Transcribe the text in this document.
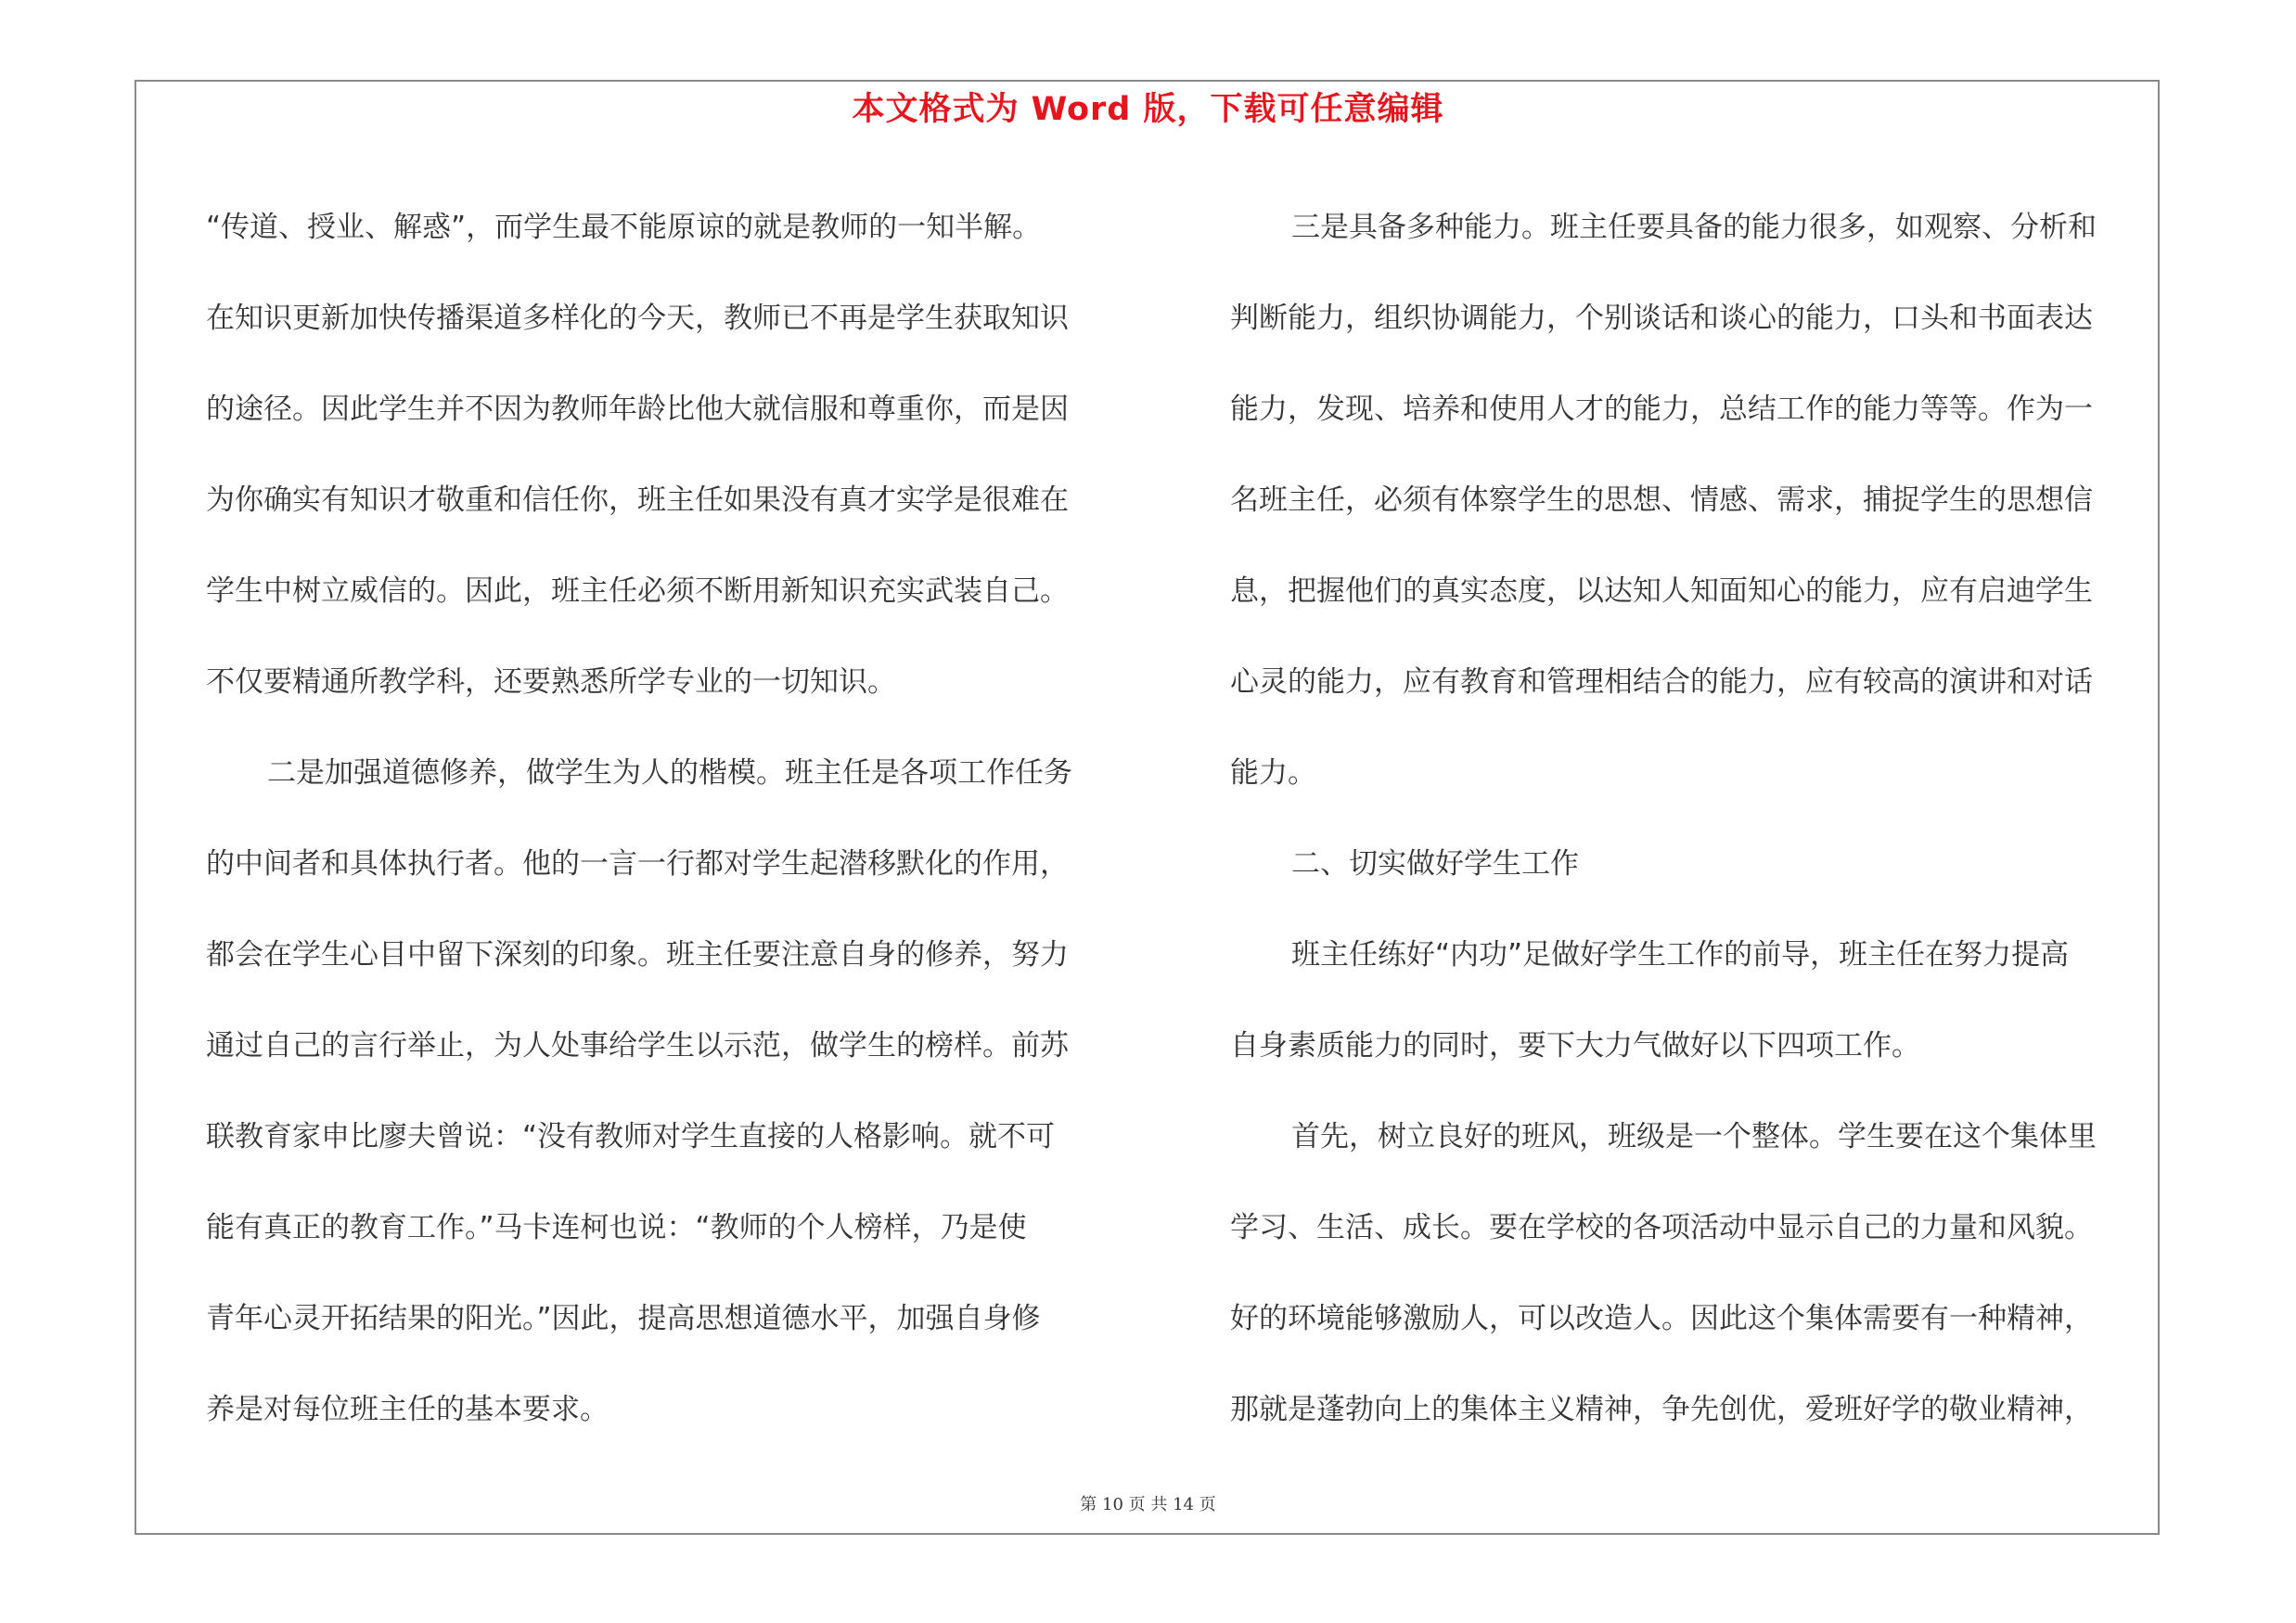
本文格式为 Word 版，下载可任意编辑
“传道、授业、解惑”，而学生最不能原谅的就是教师的一知半解。
在知识更新加快传播渠道多样化的今天，教师已不再是学生获取知识
的途径。因此学生并不因为教师年龄比他大就信服和尊重你，而是因
为你确实有知识才敬重和信任你，班主任如果没有真才实学是很难在
学生中树立威信的。因此，班主任必须不断用新知识充实武装自己。
不仅要精通所教学科，还要熟悉所学专业的一切知识。
二是加强道德修养，做学生为人的楷模。班主任是各项工作任务
的中间者和具体执行者。他的一言一行都对学生起潜移默化的作用，
都会在学生心目中留下深刻的印象。班主任要注意自身的修养，努力
通过自己的言行举止，为人处事给学生以示范，做学生的榜样。前苏
联教育家申比廖夫曾说：“没有教师对学生直接的人格影响。就不可
能有真正的教育工作。”马卡连柯也说：“教师的个人榜样，乃是使
青年心灵开拓结果的阳光。”因此，提高思想道德水平，加强自身修
养是对每位班主任的基本要求。
三是具备多种能力。班主任要具备的能力很多，如观察、分析和
判断能力，组织协调能力，个别谈话和谈心的能力，口头和书面表达
能力，发现、培养和使用人才的能力，总结工作的能力等等。作为一
名班主任，必须有体察学生的思想、情感、需求，捕捉学生的思想信
息，把握他们的真实态度，以达知人知面知心的能力，应有启迪学生
心灵的能力，应有教育和管理相结合的能力，应有较高的演讲和对话
能力。
二、切实做好学生工作
班主任练好“内功”足做好学生工作的前导，班主任在努力提高
自身素质能力的同时，要下大力气做好以下四项工作。
首先，树立良好的班风，班级是一个整体。学生要在这个集体里
学习、生活、成长。要在学校的各项活动中显示自己的力量和风貌。
好的环境能够激励人，可以改造人。因此这个集体需要有一种精神，
那就是蓬勃向上的集体主义精神，争先创优，爱班好学的敬业精神，
第 10 页 共 14 页
